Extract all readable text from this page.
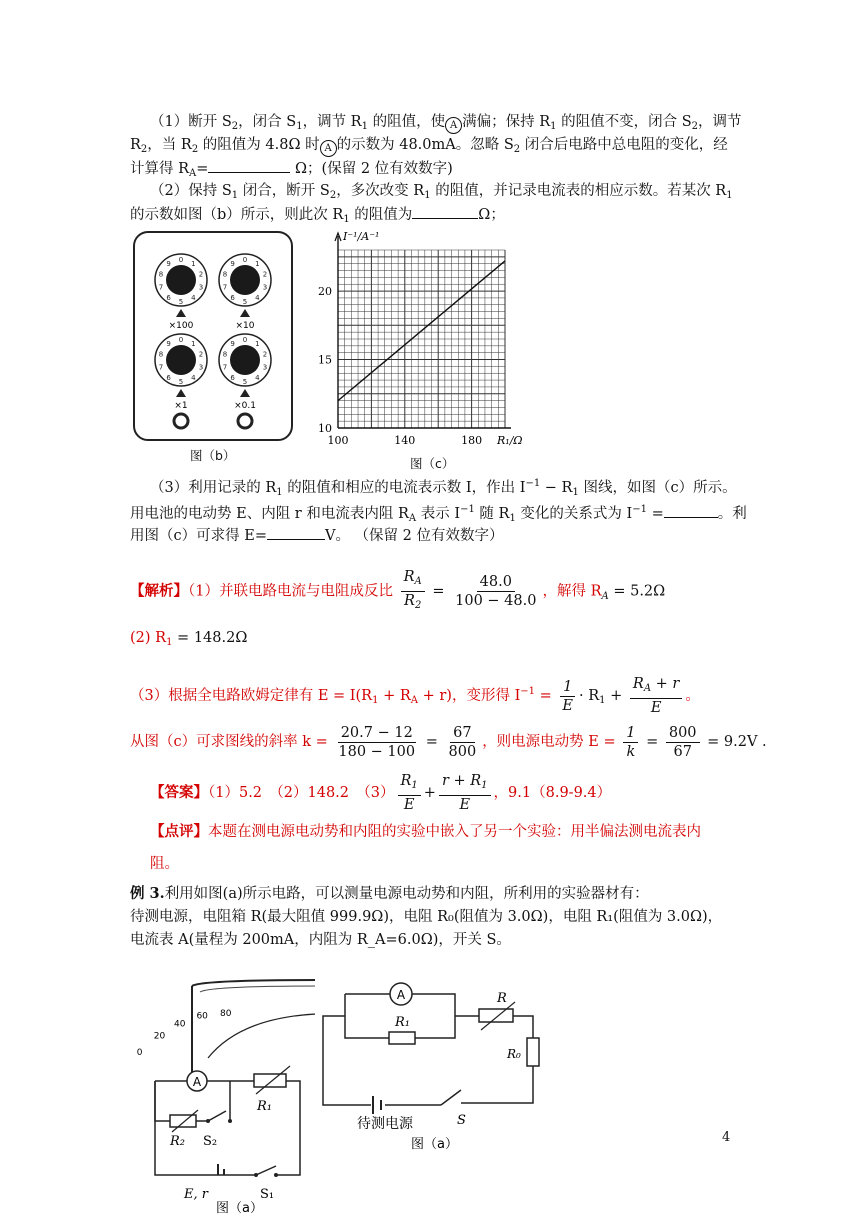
（1）断开 $S_2$，闭合 $S_1$，调节 $R_1$ 的阻值，使 A 满偏；保持 $R_1$ 的阻值不变，闭合 $S_2$，调节
$R_2$，当 $R_2$ 的阻值为 4.8Ω 时 A 的示数为 48.0mA。忽略 $S_2$ 闭合后电路中总电阻的变化，经
计算得 $R_A=$	Ω；(保留 2 位有效数字)
（2）保持 $S_1$ 闭合，断开 $S_2$，多次改变 $R_1$ 的阻值，并记录电流表的相应示数。若某次 $R_1$
的示数如图（b）所示，则此次 $R_1$ 的阻值为	Ω；
0
1
2
3
4
5
6
7
8
9
×100
0
1
2
3
4
5
6
7
8
9
×10
0
1
2
3
4
5
6
7
8
9
×1
0
1
2
3
4
5
6
7
8
9
×0.1
图（b）
10
15
20
100	140	180
I⁻¹/A⁻¹
R₁/Ω
图（c）
（3）利用记录的 $R_1$ 的阻值和相应的电流表示数 I，作出 $I^{-1} - R_1$ 图线，如图（c）所示。
用电池的电动势 E、内阻 r 和电流表内阻 $R_A$ 表示 $I^{-1}$ 随 $R_1$ 变化的关系式为 $I^{-1}$ =	。利
用图（c）可求得 E=	V。 （保留 2 位有效数字）
【解析】（1）并联电路电流与电阻成反比 $\frac{R_A}{R_2} = \frac{48.0}{100 - 48.0}$ ，解得 $R_A = 5.2\Omega$
(2) $R_1 = 148.2\Omega$
（3）根据全电路欧姆定律有 $E = I(R_1 + R_A + r)$，变形得 $I^{-1} = \frac{1}{E} \cdot R_1 + \frac{R_A + r}{E}$ 。
从图（c）可求图线的斜率 $k = \frac{20.7 - 12}{180 - 100} = \frac{67}{800}$ ，则电源电动势 $E = \frac{1}{k} = \frac{800}{67} = 9.2V$ .
【答案】（1）5.2　（2）148.2　$(3) \frac{R_1}{E} + \frac{r + R_1}{E}$ ，9.1（8.9-9.4）
【点评】本题在测电源电动势和内阻的实验中嵌入了另一个实验：用半偏法测电流表内
阻。
例 3.利用如图(a)所示电路，可以测量电源电动势和内阻，所利用的实验器材有：
待测电源，电阻箱 R(最大阻值 999.9Ω)，电阻 R₀(阻值为 3.0Ω)，电阻 R₁(阻值为 3.0Ω)，
电流表 A(量程为 200mA，内阻为 R_A=6.0Ω)，开关 S。
0
20
40
60 80
A
R₁
R₂ S₂
E, r	S₁
图（a）
A
R₁
R
R₀
S
待测电源
图（a）	4
